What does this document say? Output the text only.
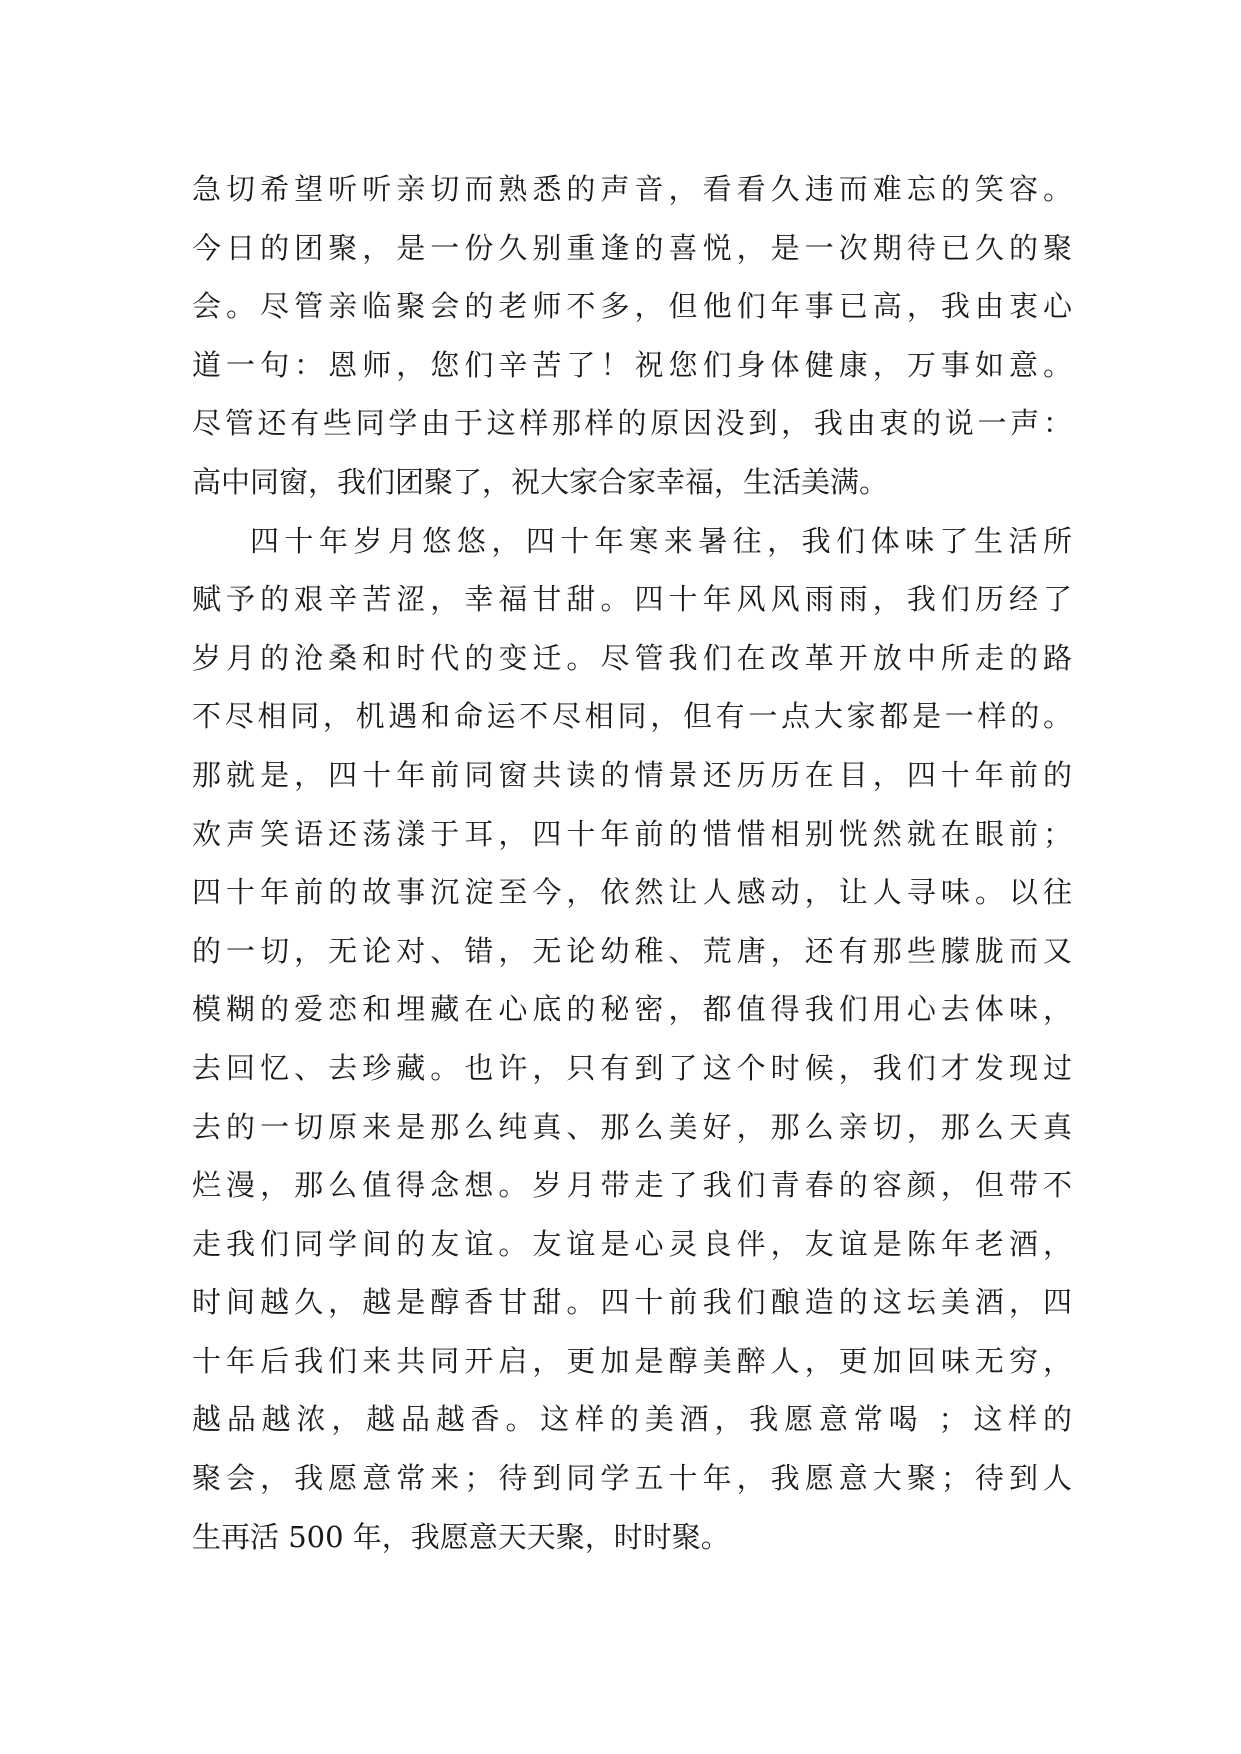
急切希望听听亲切而熟悉的声音，看看久违而难忘的笑容。
今日的团聚，是一份久别重逢的喜悦，是一次期待已久的聚
会。尽管亲临聚会的老师不多，但他们年事已高，我由衷心
道一句：恩师，您们辛苦了！祝您们身体健康，万事如意。
尽管还有些同学由于这样那样的原因没到，我由衷的说一声：
高中同窗，我们团聚了，祝大家合家幸福，生活美满。
四十年岁月悠悠，四十年寒来暑往，我们体味了生活所
赋予的艰辛苦涩，幸福甘甜。四十年风风雨雨，我们历经了
岁月的沧桑和时代的变迁。尽管我们在改革开放中所走的路
不尽相同，机遇和命运不尽相同，但有一点大家都是一样的。
那就是，四十年前同窗共读的情景还历历在目，四十年前的
欢声笑语还荡漾于耳，四十年前的惜惜相别恍然就在眼前；
四十年前的故事沉淀至今，依然让人感动，让人寻味。以往
的一切，无论对、错，无论幼稚、荒唐，还有那些朦胧而又
模糊的爱恋和埋藏在心底的秘密，都值得我们用心去体味，
去回忆、去珍藏。也许，只有到了这个时候，我们才发现过
去的一切原来是那么纯真、那么美好，那么亲切，那么天真
烂漫，那么值得念想。岁月带走了我们青春的容颜，但带不
走我们同学间的友谊。友谊是心灵良伴，友谊是陈年老酒，
时间越久，越是醇香甘甜。四十前我们酿造的这坛美酒，四
十年后我们来共同开启，更加是醇美醉人，更加回味无穷，
越品越浓，越品越香。这样的美酒，我愿意常喝 ；这样的
聚会，我愿意常来；待到同学五十年，我愿意大聚；待到人
生再活 500 年，我愿意天天聚，时时聚。
